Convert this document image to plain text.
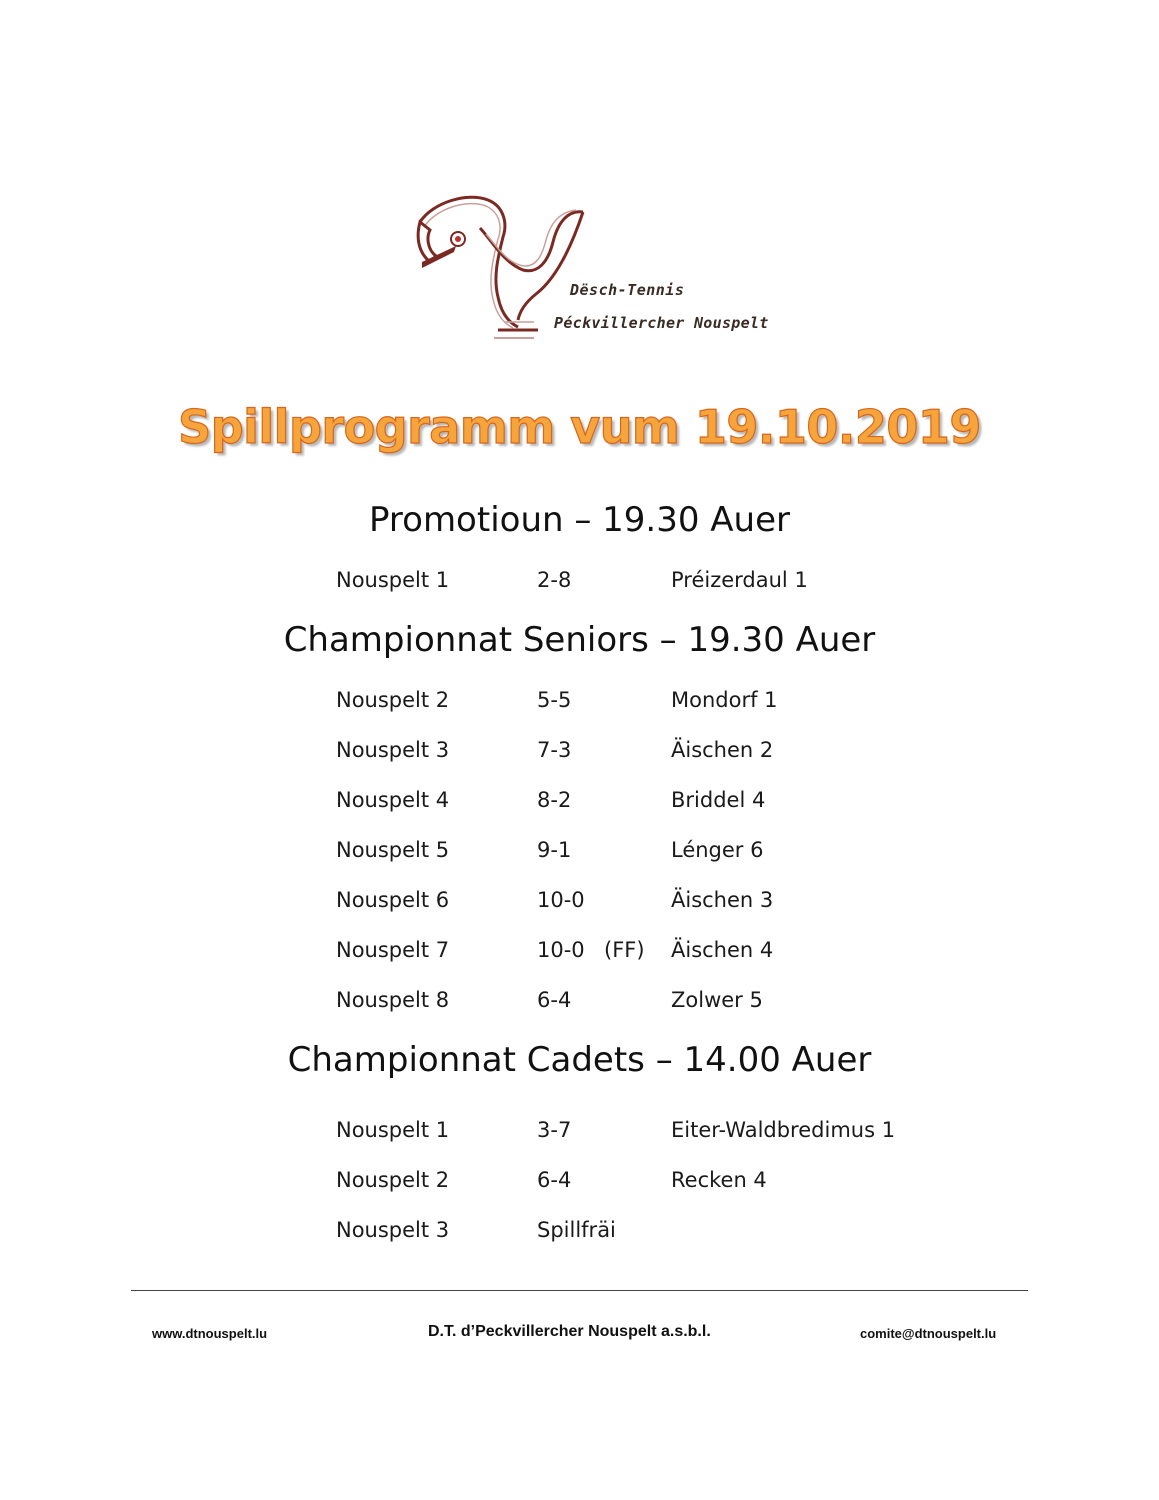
Dësch-Tennis
Péckvillercher Nouspelt
Spillprogramm vum 19.10.2019
Promotioun – 19.30 Auer
Nouspelt 1	2-8	Préizerdaul 1
Championnat Seniors – 19.30 Auer
Nouspelt 2	5-5	Mondorf 1
Nouspelt 3	7-3	Äischen 2
Nouspelt 4	8-2	Briddel 4
Nouspelt 5	9-1	Lénger 6
Nouspelt 6	10-0	Äischen 3
Nouspelt 7	10-0 (FF) Äischen 4
Nouspelt 8	6-4	Zolwer 5
Championnat Cadets – 14.00 Auer
Nouspelt 1	3-7	Eiter-Waldbredimus 1
Nouspelt 2	6-4	Recken 4
Nouspelt 3	Spillfräi
www.dtnouspelt.lu	D.T. d’Peckvillercher Nouspelt a.s.b.l.	comite@dtnouspelt.lu
